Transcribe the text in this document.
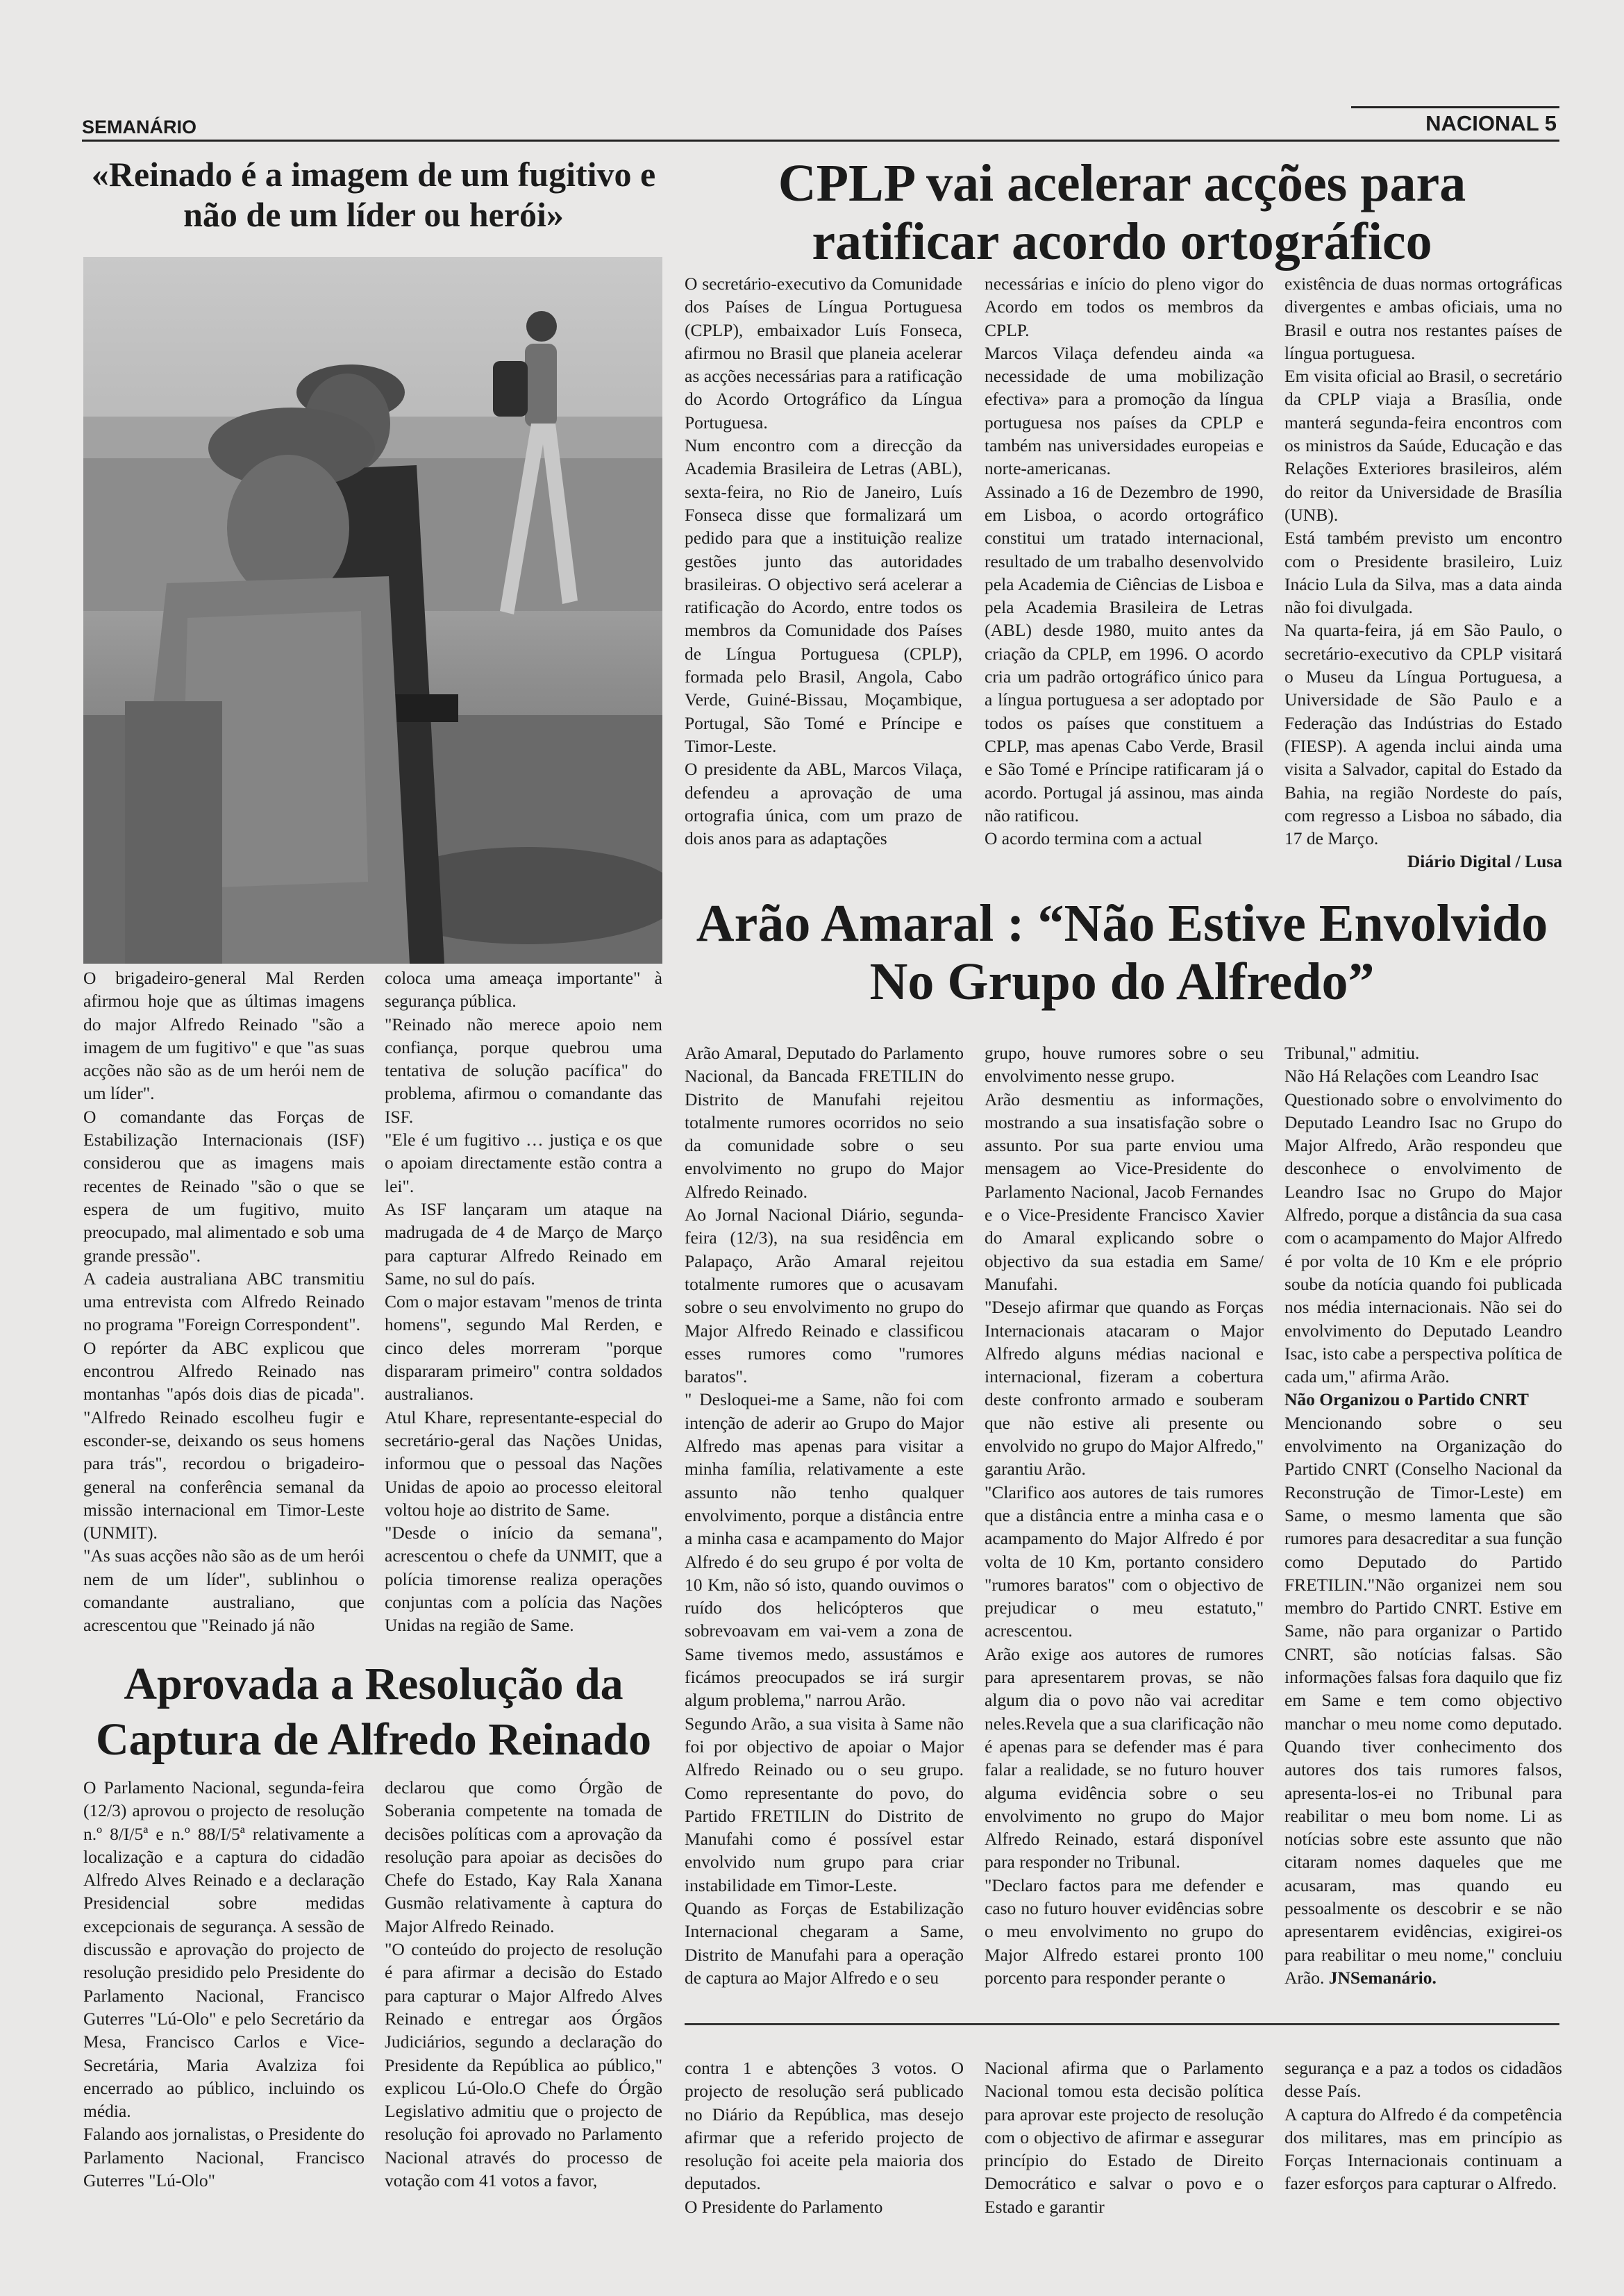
SEMANÁRIO	NACIONAL 5
«Reinado é a imagem de um fugitivo e não de um líder ou herói»

O brigadeiro-general Mal Rerden afirmou hoje que as últimas imagens do major Alfredo Reinado "são a imagem de um fugitivo" e que "as suas acções não são as de um herói nem de um líder".

O comandante das Forças de Estabilização Internacionais (ISF) considerou que as imagens mais recentes de Reinado "são o que se espera de um fugitivo, muito preocupado, mal alimentado e sob uma grande pressão".

A cadeia australiana ABC transmitiu uma entrevista com Alfredo Reinado no programa "Foreign Correspondent".

O repórter da ABC explicou que encontrou Alfredo Reinado nas montanhas "após dois dias de picada". "Alfredo Reinado escolheu fugir e esconder-se, deixando os seus homens para trás", recordou o brigadeiro-general na conferência semanal da missão internacional em Timor-Leste (UNMIT).

"As suas acções não são as de um herói nem de um líder", sublinhou o comandante australiano, que acrescentou que "Reinado já não

coloca uma ameaça importante" à segurança pública.

"Reinado não merece apoio nem confiança, porque quebrou uma tentativa de solução pacífica" do problema, afirmou o comandante das ISF.

"Ele é um fugitivo … justiça e os que o apoiam directamente estão contra a lei".

As ISF lançaram um ataque na madrugada de 4 de Março de Março para capturar Alfredo Reinado em Same, no sul do país.

Com o major estavam "menos de trinta homens", segundo Mal Rerden, e cinco deles morreram "porque dispararam primeiro" contra soldados australianos.

Atul Khare, representante-especial do secretário-geral das Nações Unidas, informou que o pessoal das Nações Unidas de apoio ao processo eleitoral voltou hoje ao distrito de Same.

"Desde o início da semana", acrescentou o chefe da UNMIT, que a polícia timorense realiza operações conjuntas com a polícia das Nações Unidas na região de Same.

CPLP vai acelerar acções para ratificar acordo ortográfico

O secretário-executivo da Comunidade dos Países de Língua Portuguesa (CPLP), embaixador Luís Fonseca, afirmou no Brasil que planeia acelerar as acções necessárias para a ratificação do Acordo Ortográfico da Língua Portuguesa.

Num encontro com a direcção da Academia Brasileira de Letras (ABL), sexta-feira, no Rio de Janeiro, Luís Fonseca disse que formalizará um pedido para que a instituição realize gestões junto das autoridades brasileiras. O objectivo será acelerar a ratificação do Acordo, entre todos os membros da Comunidade dos Países de Língua Portuguesa (CPLP), formada pelo Brasil, Angola, Cabo Verde, Guiné-Bissau, Moçambique, Portugal, São Tomé e Príncipe e Timor-Leste.

O presidente da ABL, Marcos Vilaça, defendeu a aprovação de uma ortografia única, com um prazo de dois anos para as adaptações

necessárias e início do pleno vigor do Acordo em todos os membros da CPLP.

Marcos Vilaça defendeu ainda «a necessidade de uma mobilização efectiva» para a promoção da língua portuguesa nos países da CPLP e também nas universidades europeias e norte-americanas.

Assinado a 16 de Dezembro de 1990, em Lisboa, o acordo ortográfico constitui um tratado internacional, resultado de um trabalho desenvolvido pela Academia de Ciências de Lisboa e pela Academia Brasileira de Letras (ABL) desde 1980, muito antes da criação da CPLP, em 1996. O acordo cria um padrão ortográfico único para a língua portuguesa a ser adoptado por todos os países que constituem a CPLP, mas apenas Cabo Verde, Brasil e São Tomé e Príncipe ratificaram já o acordo. Portugal já assinou, mas ainda não ratificou.

O acordo termina com a actual

existência de duas normas ortográficas divergentes e ambas oficiais, uma no Brasil e outra nos restantes países de língua portuguesa.

Em visita oficial ao Brasil, o secretário da CPLP viaja a Brasília, onde manterá segunda-feira encontros com os ministros da Saúde, Educação e das Relações Exteriores brasileiros, além do reitor da Universidade de Brasília (UNB).

Está também previsto um encontro com o Presidente brasileiro, Luiz Inácio Lula da Silva, mas a data ainda não foi divulgada.

Na quarta-feira, já em São Paulo, o secretário-executivo da CPLP visitará o Museu da Língua Portuguesa, a Universidade de São Paulo e a Federação das Indústrias do Estado (FIESP). A agenda inclui ainda uma visita a Salvador, capital do Estado da Bahia, na região Nordeste do país, com regresso a Lisboa no sábado, dia 17 de Março.

Diário Digital / Lusa

Arão Amaral : “Não Estive Envolvido No Grupo do Alfredo”

Arão Amaral, Deputado do Parlamento Nacional, da Bancada FRETILIN do Distrito de Manufahi rejeitou totalmente rumores ocorridos no seio da comunidade sobre o seu envolvimento no grupo do Major Alfredo Reinado.

Ao Jornal Nacional Diário, segunda-feira (12/3), na sua residência em Palapaço, Arão Amaral rejeitou totalmente rumores que o acusavam sobre o seu envolvimento no grupo do Major Alfredo Reinado e classificou esses rumores como "rumores baratos".

" Desloquei-me a Same, não foi com intenção de aderir ao Grupo do Major Alfredo mas apenas para visitar a minha família, relativamente a este assunto não tenho qualquer envolvimento, porque a distância entre a minha casa e acampamento do Major Alfredo é do seu grupo é por volta de 10 Km, não só isto, quando ouvimos o ruído dos helicópteros que sobrevoavam em vai-vem a zona de Same tivemos medo, assustámos e ficámos preocupados se irá surgir algum problema," narrou Arão.

Segundo Arão, a sua visita à Same não foi por objectivo de apoiar o Major Alfredo Reinado ou o seu grupo. Como representante do povo, do Partido FRETILIN do Distrito de Manufahi como é possível estar envolvido num grupo para criar instabilidade em Timor-Leste.

Quando as Forças de Estabilização Internacional chegaram a Same, Distrito de Manufahi para a operação de captura ao Major Alfredo e o seu

grupo, houve rumores sobre o seu envolvimento nesse grupo.

Arão desmentiu as informações, mostrando a sua insatisfação sobre o assunto. Por sua parte enviou uma mensagem ao Vice-Presidente do Parlamento Nacional, Jacob Fernandes e o Vice-Presidente Francisco Xavier do Amaral explicando sobre o objectivo da sua estadia em Same/ Manufahi.

"Desejo afirmar que quando as Forças Internacionais atacaram o Major Alfredo alguns médias nacional e internacional, fizeram a cobertura deste confronto armado e souberam que não estive ali presente ou envolvido no grupo do Major Alfredo," garantiu Arão.

"Clarifico aos autores de tais rumores que a distância entre a minha casa e o acampamento do Major Alfredo é por volta de 10 Km, portanto considero "rumores baratos" com o objectivo de prejudicar o meu estatuto," acrescentou.

Arão exige aos autores de rumores para apresentarem provas, se não algum dia o povo não vai acreditar neles.Revela que a sua clarificação não é apenas para se defender mas é para falar a realidade, se no futuro houver alguma evidência sobre o seu envolvimento no grupo do Major Alfredo Reinado, estará disponível para responder no Tribunal.

"Declaro factos para me defender e caso no futuro houver evidências sobre o meu envolvimento no grupo do Major Alfredo estarei pronto 100 porcento para responder perante o

Tribunal," admitiu.

Não Há Relações com Leandro Isac

Questionado sobre o envolvimento do Deputado Leandro Isac no Grupo do Major Alfredo, Arão respondeu que desconhece o envolvimento de Leandro Isac no Grupo do Major Alfredo, porque a distância da sua casa com o acampamento do Major Alfredo é por volta de 10 Km e ele próprio soube da notícia quando foi publicada nos média internacionais. Não sei do envolvimento do Deputado Leandro Isac, isto cabe a perspectiva política de cada um," afirma Arão.

Não Organizou o Partido CNRT

Mencionando sobre o seu envolvimento na Organização do Partido CNRT (Conselho Nacional da Reconstrução de Timor-Leste) em Same, o mesmo lamenta que são rumores para desacreditar a sua função como Deputado do Partido FRETILIN."Não organizei nem sou membro do Partido CNRT. Estive em Same, não para organizar o Partido CNRT, são notícias falsas. São informações falsas fora daquilo que fiz em Same e tem como objectivo manchar o meu nome como deputado. Quando tiver conhecimento dos autores dos tais rumores falsos, apresenta-los-ei no Tribunal para reabilitar o meu bom nome. Li as notícias sobre este assunto que não citaram nomes daqueles que me acusaram, mas quando eu pessoalmente os descobrir e se não apresentarem evidências, exigirei-os para reabilitar o meu nome," concluiu Arão. JNSemanário.

Aprovada a Resolução da Captura de Alfredo Reinado

O Parlamento Nacional, segunda-feira (12/3) aprovou o projecto de resolução n.º 8/I/5ª e n.º 88/I/5ª relativamente a localização e a captura do cidadão Alfredo Alves Reinado e a declaração Presidencial sobre medidas excepcionais de segurança. A sessão de discussão e aprovação do projecto de resolução presidido pelo Presidente do Parlamento Nacional, Francisco Guterres "Lú-Olo" e pelo Secretário da Mesa, Francisco Carlos e Vice-Secretária, Maria Avalziza foi encerrado ao público, incluindo os média.

Falando aos jornalistas, o Presidente do Parlamento Nacional, Francisco Guterres "Lú-Olo"

declarou que como Órgão de Soberania competente na tomada de decisões políticas com a aprovação da resolução para apoiar as decisões do Chefe do Estado, Kay Rala Xanana Gusmão relativamente à captura do Major Alfredo Reinado.

"O conteúdo do projecto de resolução é para afirmar a decisão do Estado para capturar o Major Alfredo Alves Reinado e entregar aos Órgãos Judiciários, segundo a declaração do Presidente da República ao público," explicou Lú-Olo.O Chefe do Órgão Legislativo admitiu que o projecto de resolução foi aprovado no Parlamento Nacional através do processo de votação com 41 votos a favor,

contra 1 e abtenções 3 votos. O projecto de resolução será publicado no Diário da República, mas desejo afirmar que a referido projecto de resolução foi aceite pela maioria dos deputados.

O Presidente do Parlamento

Nacional afirma que o Parlamento Nacional tomou esta decisão política para aprovar este projecto de resolução com o objectivo de afirmar e assegurar princípio do Estado de Direito Democrático e salvar o povo e o Estado e garantir

segurança e a paz a todos os cidadãos desse País.

A captura do Alfredo é da competência dos militares, mas em princípio as Forças Internacionais continuam a fazer esforços para capturar o Alfredo.
